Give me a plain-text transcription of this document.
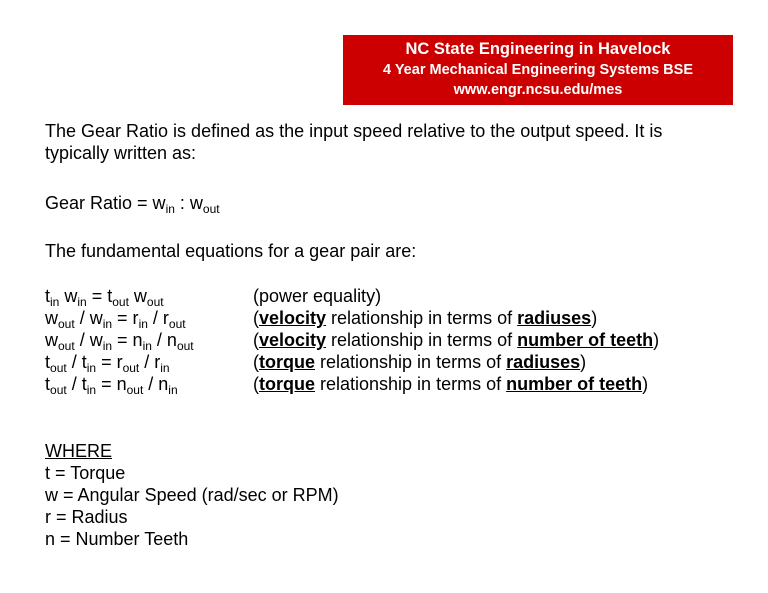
NC State Engineering in Havelock
4 Year Mechanical Engineering Systems BSE
www.engr.ncsu.edu/mes
The Gear Ratio is defined as the input speed relative to the output speed. It is
typically written as:
Gear Ratio = $w_{in}$ : $w_{out}$
The fundamental equations for a gear pair are:
$t_{in}$ $w_{in} = t_{out}$ $w_{out}$
$w_{out} / w_{in} = r_{in} / r_{out}$
$w_{out} / w_{in} = n_{in} / n_{out}$
$t_{out} / t_{in} = r_{out} / r_{in}$
$t_{out} / t_{in} = n_{out} / n_{in}$
(power equality)
(velocity relationship in terms of radiuses)
(velocity relationship in terms of number of teeth)
(torque relationship in terms of radiuses)
(torque relationship in terms of number of teeth)
WHERE
t = Torque
w = Angular Speed (rad/sec or RPM)
r = Radius
n = Number Teeth
